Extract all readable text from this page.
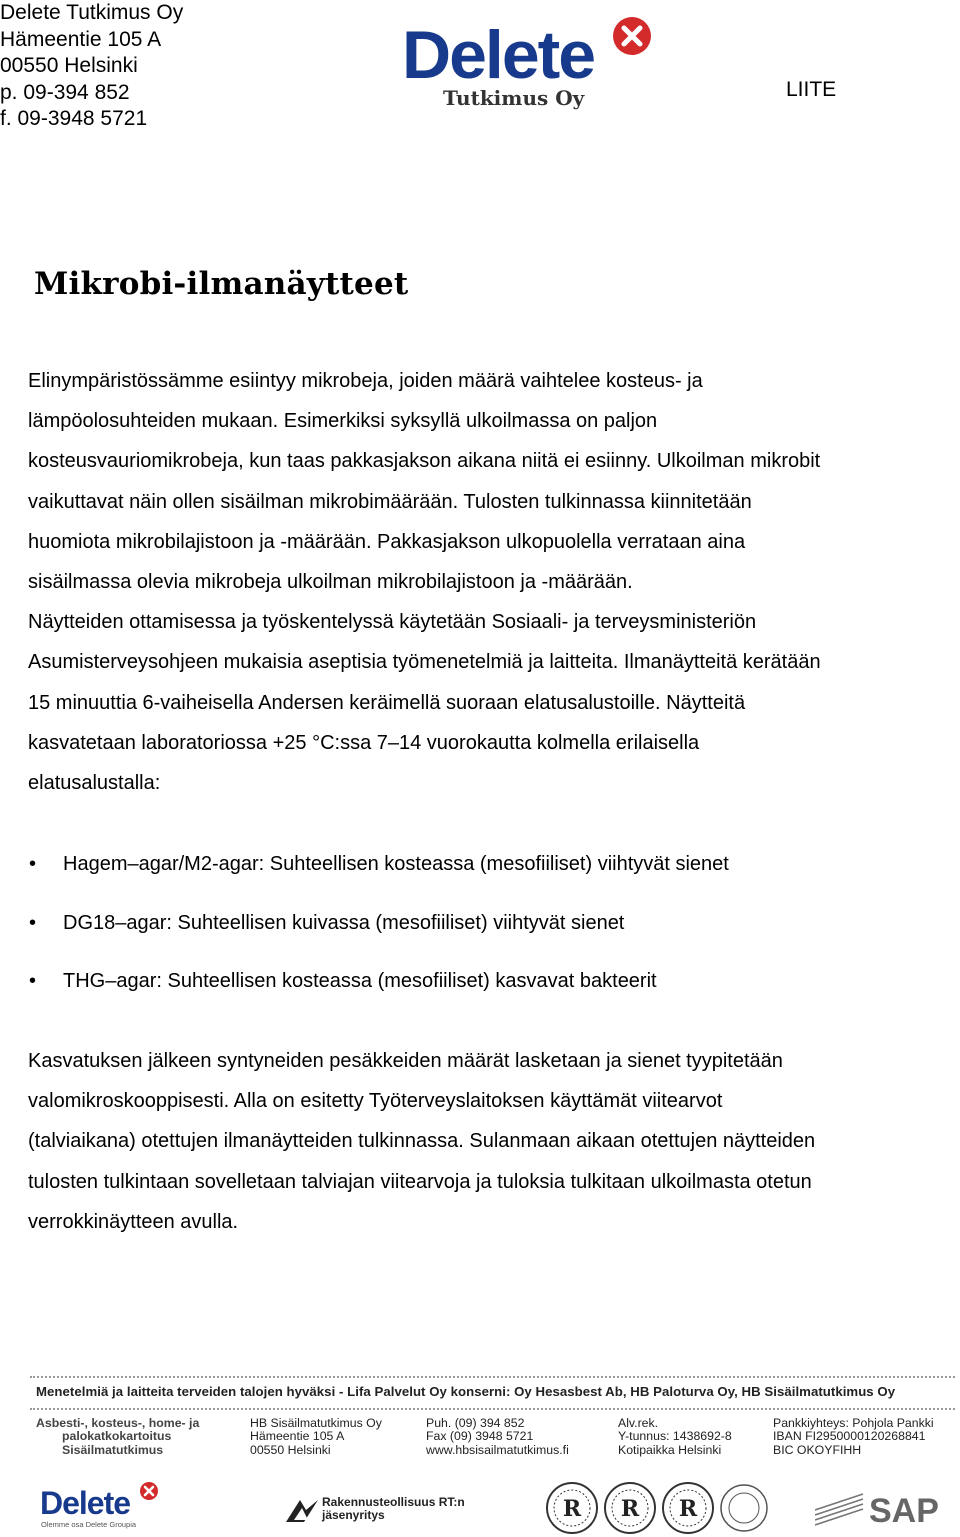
Delete Tutkimus Oy
Hämeentie 105 A
00550 Helsinki
p. 09-394 852
f. 09-3948 5721
Delete
Tutkimus Oy	LIITE
Mikrobi-ilmanäytteet
Elinympäristössämme esiintyy mikrobeja, joiden määrä vaihtelee kosteus- ja
lämpöolosuhteiden mukaan. Esimerkiksi syksyllä ulkoilmassa on paljon
kosteusvauriomikrobeja, kun taas pakkasjakson aikana niitä ei esiinny. Ulkoilman mikrobit
vaikuttavat näin ollen sisäilman mikrobimäärään. Tulosten tulkinnassa kiinnitetään
huomiota mikrobilajistoon ja -määrään. Pakkasjakson ulkopuolella verrataan aina
sisäilmassa olevia mikrobeja ulkoilman mikrobilajistoon ja -määrään.
Näytteiden ottamisessa ja työskentelyssä käytetään Sosiaali- ja terveysministeriön
Asumisterveysohjeen mukaisia aseptisia työmenetelmiä ja laitteita. Ilmanäytteitä kerätään
15 minuuttia 6-vaiheisella Andersen keräimellä suoraan elatusalustoille. Näytteitä
kasvatetaan laboratoriossa +25 °C:ssa 7–14 vuorokautta kolmella erilaisella
elatusalustalla:
• Hagem–agar/M2-agar: Suhteellisen kosteassa (mesofiiliset) viihtyvät sienet
• DG18–agar: Suhteellisen kuivassa (mesofiiliset) viihtyvät sienet
• THG–agar: Suhteellisen kosteassa (mesofiiliset) kasvavat bakteerit
Kasvatuksen jälkeen syntyneiden pesäkkeiden määrät lasketaan ja sienet tyypitetään
valomikroskooppisesti. Alla on esitetty Työterveyslaitoksen käyttämät viitearvot
(talviaikana) otettujen ilmanäytteiden tulkinnassa. Sulanmaan aikaan otettujen näytteiden
tulosten tulkintaan sovelletaan talviajan viitearvoja ja tuloksia tulkitaan ulkoilmasta otetun
verrokkinäytteen avulla.
Menetelmiä ja laitteita terveiden talojen hyväksi - Lifa Palvelut Oy konserni: Oy Hesasbest Ab, HB Paloturva Oy, HB Sisäilmatutkimus Oy
Asbesti-, kosteus-, home- ja
palokatkokartoitus
Sisäilmatutkimus
HB Sisäilmatutkimus Oy
Hämeentie 105 A
00550 Helsinki
Puh. (09) 394 852
Fax (09) 3948 5721
www.hbsisailmatutkimus.fi
Alv.rek.
Y-tunnus: 1438692-8
Kotipaikka Helsinki
Pankkiyhteys: Pohjola Pankki
IBAN FI2950000120268841
BIC OKOYFIHH
Delete
Olemme osa Delete Groupia
Rakennusteollisuus RT:n
jäsenyritys	R R R	SAP
